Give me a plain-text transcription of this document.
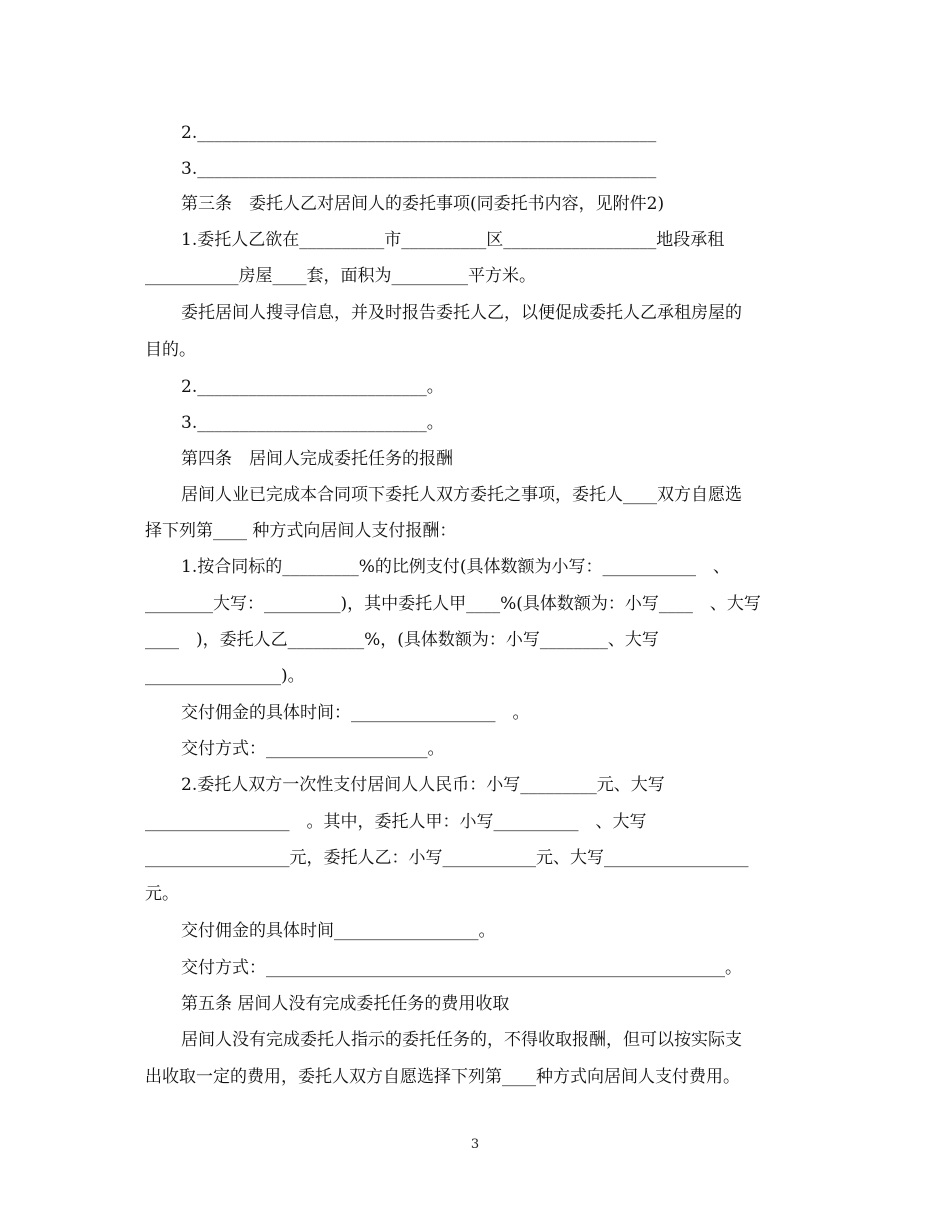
2.______________________________________________________
3.______________________________________________________
第三条　委托人乙对居间人的委托事项(同委托书内容，见附件2)
1.委托人乙欲在__________市__________区__________________地段承租
___________房屋____套，面积为_________平方米。
委托居间人搜寻信息，并及时报告委托人乙，以便促成委托人乙承租房屋的
目的。
2.___________________________。
3.___________________________。
第四条　居间人完成委托任务的报酬
居间人业已完成本合同项下委托人双方委托之事项，委托人____双方自愿选
择下列第____ 种方式向居间人支付报酬：
1.按合同标的_________%的比例支付(具体数额为小写：___________　、
________大写：_________)，其中委托人甲____%(具体数额为：小写____　、大写
____　)，委托人乙_________%，(具体数额为：小写________、大写
________________)。
交付佣金的具体时间：_________________　。
交付方式：___________________。
2.委托人双方一次性支付居间人人民币：小写_________元、大写
_________________　。其中，委托人甲：小写__________　、大写
_________________元，委托人乙：小写___________元、大写_________________
元。
交付佣金的具体时间_________________。
交付方式：______________________________________________________。
第五条 居间人没有完成委托任务的费用收取
居间人没有完成委托人指示的委托任务的，不得收取报酬，但可以按实际支
出收取一定的费用，委托人双方自愿选择下列第____种方式向居间人支付费用。
3
